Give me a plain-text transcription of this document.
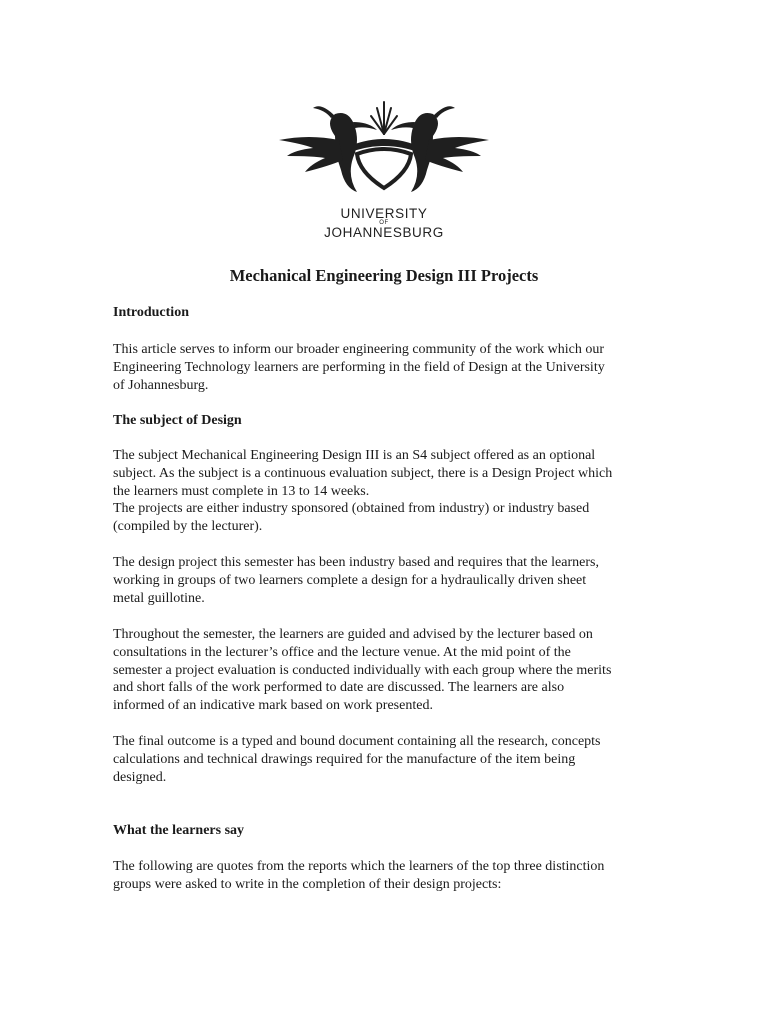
UNIVERSITY
OF
JOHANNESBURG
Mechanical Engineering Design III Projects
Introduction

This article serves to inform our broader engineering community of the work which our
Engineering Technology learners are performing in the field of Design at the University
of Johannesburg.

The subject of Design

The subject Mechanical Engineering Design III is an S4 subject offered as an optional
subject. As the subject is a continuous evaluation subject, there is a Design Project which
the learners must complete in 13 to 14 weeks.
The projects are either industry sponsored (obtained from industry) or industry based
(compiled by the lecturer).

The design project this semester has been industry based and requires that the learners,
working in groups of two learners complete a design for a hydraulically driven sheet
metal guillotine.

Throughout the semester, the learners are guided and advised by the lecturer based on
consultations in the lecturer’s office and the lecture venue. At the mid point of the
semester a project evaluation is conducted individually with each group where the merits
and short falls of the work performed to date are discussed. The learners are also
informed of an indicative mark based on work presented.

The final outcome is a typed and bound document containing all the research, concepts
calculations and technical drawings required for the manufacture of the item being
designed.

What the learners say

The following are quotes from the reports which the learners of the top three distinction
groups were asked to write in the completion of their design projects:
